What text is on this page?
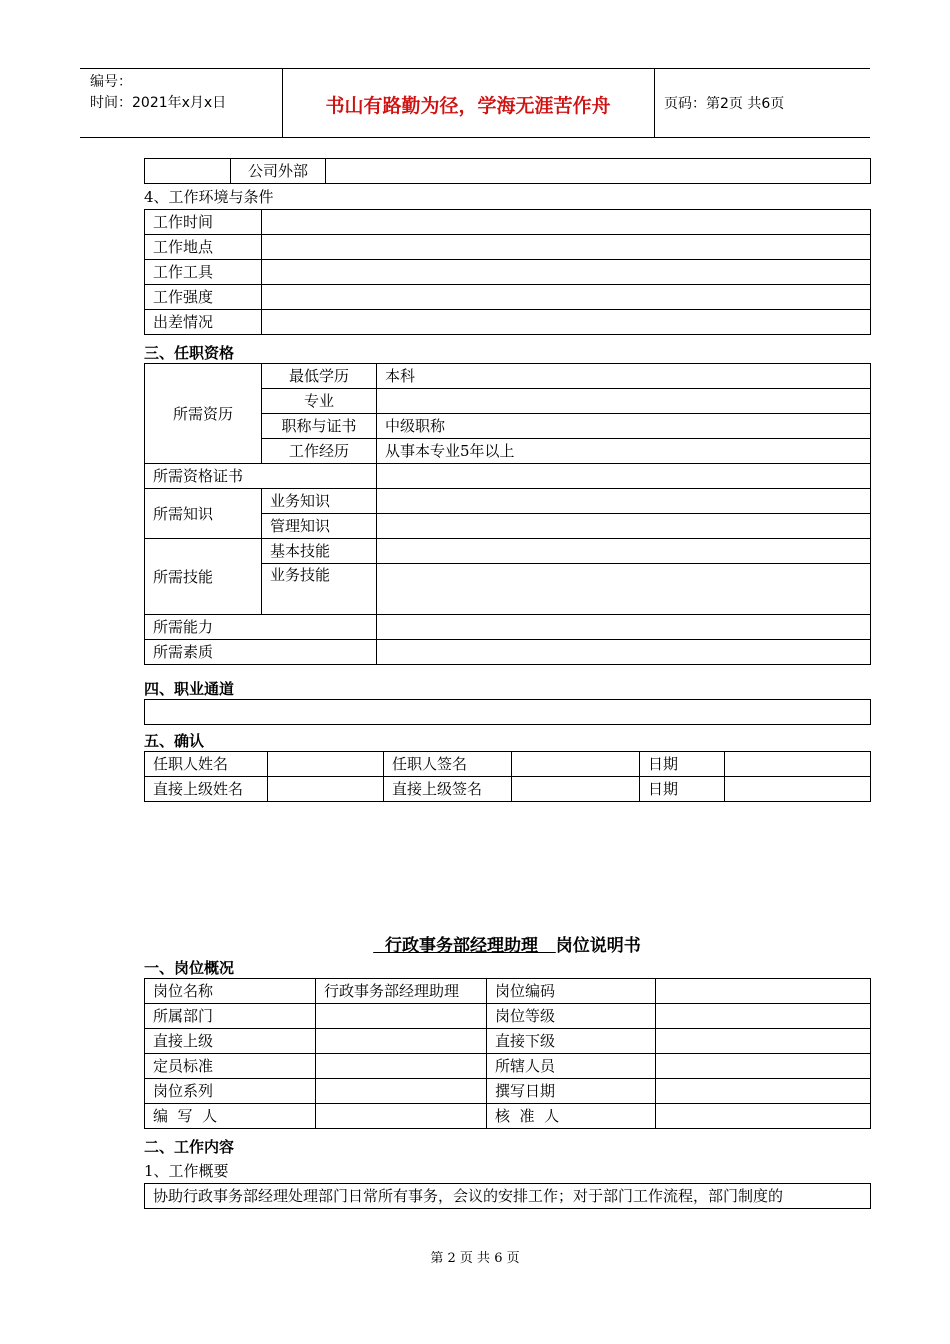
编号：
时间：2021年x月x日	书山有路勤为径，学海无涯苦作舟	页码：第2页 共6页
	公司外部	
4、工作环境与条件
工作时间	
工作地点	
工作工具	
工作强度	
出差情况	
三、任职资格
所需资历	最低学历	本科
	专业	
	职称与证书	中级职称
	工作经历	从事本专业5年以上
所需资格证书		
所需知识	业务知识	
	管理知识	
所需技能	基本技能	
	业务技能	
所需能力		
所需素质		
四、职业通道
五、确认
任职人姓名		任职人签名		日期	
直接上级姓名		直接上级签名		日期	
行政事务部经理助理 岗位说明书
一、岗位概况
岗位名称	行政事务部经理助理	岗位编码	
所属部门		岗位等级	
直接上级		直接下级	
定员标准		所辖人员	
岗位系列		撰写日期	
编  写  人		核  准  人	
二、工作内容
1、工作概要
协助行政事务部经理处理部门日常所有事务，会议的安排工作；对于部门工作流程，部门制度的
第 2 页 共 6 页
